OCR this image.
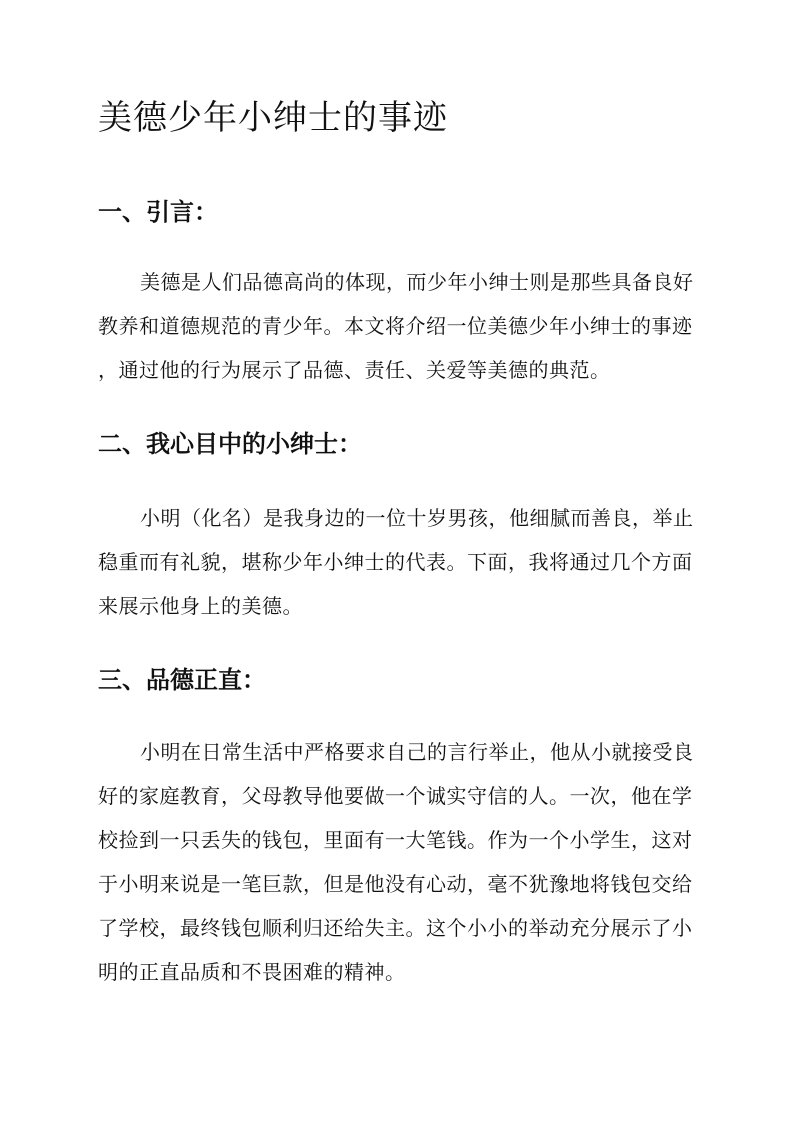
美德少年小绅士的事迹
一、引言：
美德是人们品德高尚的体现，而少年小绅士则是那些具备良好
教养和道德规范的青少年。本文将介绍一位美德少年小绅士的事迹
，通过他的行为展示了品德、责任、关爱等美德的典范。
二、我心目中的小绅士：
小明（化名）是我身边的一位十岁男孩，他细腻而善良，举止
稳重而有礼貌，堪称少年小绅士的代表。下面，我将通过几个方面
来展示他身上的美德。
三、品德正直：
小明在日常生活中严格要求自己的言行举止，他从小就接受良
好的家庭教育，父母教导他要做一个诚实守信的人。一次，他在学
校捡到一只丢失的钱包，里面有一大笔钱。作为一个小学生，这对
于小明来说是一笔巨款，但是他没有心动，毫不犹豫地将钱包交给
了学校，最终钱包顺利归还给失主。这个小小的举动充分展示了小
明的正直品质和不畏困难的精神。
